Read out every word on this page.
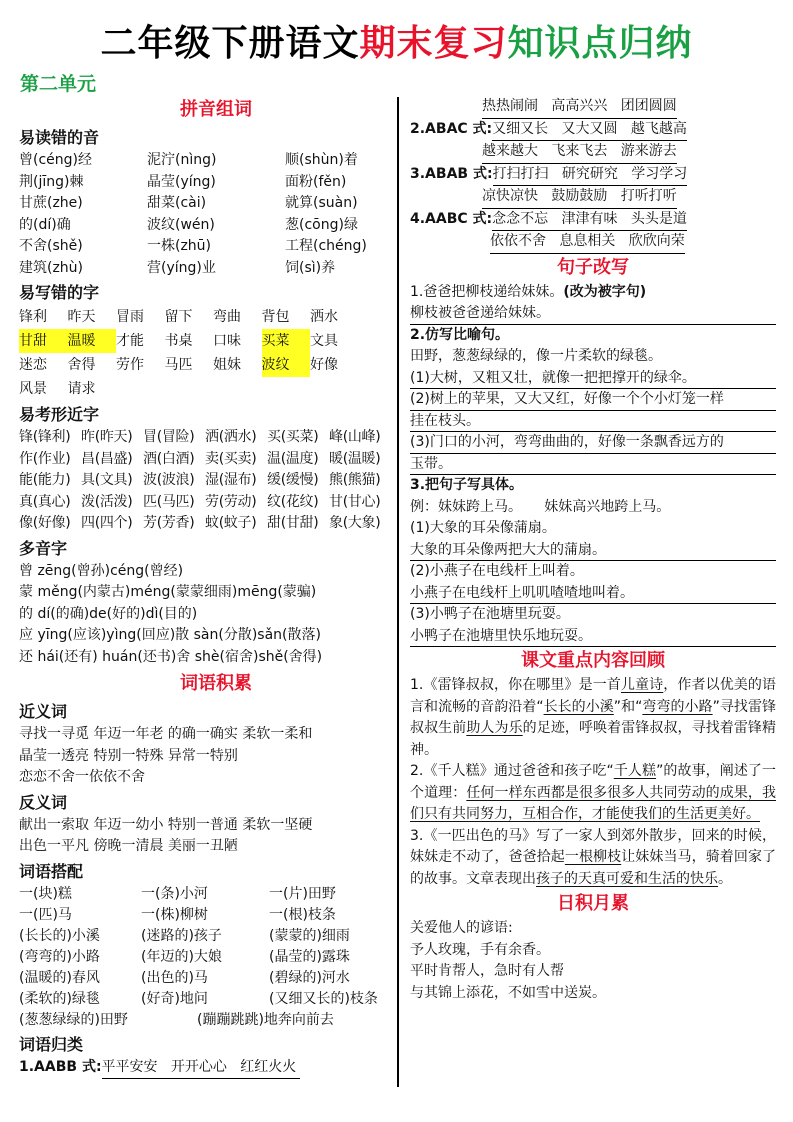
二年级下册语文期末复习知识点归纳
第二单元
拼音组词
易读错的音
曾(céng)经	泥泞(nìng)	顺(shùn)着
荆(jīng)棘	晶莹(yíng)	面粉(fěn)
甘蔗(zhe)	甜菜(cài)	就算(suàn)
的(dí)确	波纹(wén)	葱(cōng)绿
不舍(shě)	一株(zhū)	工程(chéng)
建筑(zhù)	营(yíng)业	饲(sì)养
易写错的字
锋利	昨天	冒雨	留下	弯曲	背包	洒水
甘甜	温暖	才能	书桌	口味	买菜	文具
迷恋	舍得	劳作	马匹	姐妹	波纹	好像
风景	请求
易考形近字
锋(锋利) 昨(昨天) 冒(冒险) 洒(洒水) 买(买菜) 峰(山峰)
作(作业) 昌(昌盛) 酒(白酒) 卖(买卖) 温(温度) 暖(温暖)
能(能力) 具(文具) 波(波浪) 湿(湿布) 缓(缓慢) 熊(熊猫)
真(真心) 泼(活泼) 匹(马匹) 劳(劳动) 纹(花纹) 甘(甘心)
像(好像) 四(四个) 芳(芳香) 蚊(蚊子) 甜(甘甜) 象(大象)
多音字
曾 zēng(曾孙)céng(曾经)
蒙 měng(内蒙古)méng(蒙蒙细雨)mēng(蒙骗)
的 dí(的确)de(好的)dì(目的)
应 yīng(应该)yìng(回应)散 sàn(分散)sǎn(散落)
还 hái(还有) huán(还书)舍 shè(宿舍)shě(舍得)
词语积累
近义词
寻找一寻觅 年迈一年老 的确一确实 柔软一柔和
晶莹一透亮 特别一特殊 异常一特别
恋恋不舍一依依不舍
反义词
献出一索取 年迈一幼小 特别一普通 柔软一坚硬
出色一平凡 傍晚一清晨 美丽一丑陋
词语搭配
一(块)糕	一(条)小河	一(片)田野
一(匹)马	一(株)柳树	一(根)枝条
(长长的)小溪	(迷路的)孩子	(蒙蒙的)细雨
(弯弯的)小路	(年迈的)大娘	(晶莹的)露珠
(温暖的)春风	(出色的)马	(碧绿的)河水
(柔软的)绿毯	(好奇)地问	(又细又长的)枝条
(葱葱绿绿的)田野	(蹦蹦跳跳)地奔向前去
词语归类
1.AABB 式:平平安安   开开心心   红红火火
热热闹闹   高高兴兴   团团圆圆
2.ABAC 式:又细又长   又大又圆   越飞越高
越来越大   飞来飞去   游来游去
3.ABAB 式:打扫打扫   研究研究   学习学习
凉快凉快   鼓励鼓励   打听打听
4.AABC 式:念念不忘   津津有味   头头是道
依依不舍   息息相关   欣欣向荣
句子改写
1.爸爸把柳枝递给妹妹。(改为被字句)
柳枝被爸爸递给妹妹。
2.仿写比喻句。
田野，葱葱绿绿的，像一片柔软的绿毯。
(1)大树，又粗又壮，就像一把把撑开的绿伞。
(2)树上的苹果，又大又红，好像一个个小灯笼一样
挂在枝头。
(3)门口的小河，弯弯曲曲的，好像一条飘香远方的
玉带。
3.把句子写具体。
例：妹妹跨上马。     妹妹高兴地跨上马。
(1)大象的耳朵像蒲扇。
大象的耳朵像两把大大的蒲扇。
(2)小燕子在电线杆上叫着。
小燕子在电线杆上叽叽喳喳地叫着。
(3)小鸭子在池塘里玩耍。
小鸭子在池塘里快乐地玩耍。
课文重点内容回顾
1.《雷锋叔叔，你在哪里》是一首儿童诗，作者以优美的语言和流畅的音韵沿着“长长的小溪”和“弯弯的小路”寻找雷锋叔叔生前助人为乐的足迹，呼唤着雷锋叔叔，寻找着雷锋精神。
2.《千人糕》通过爸爸和孩子吃“千人糕”的故事，阐述了一个道理：任何一样东西都是很多很多人共同劳动的成果，我们只有共同努力，互相合作，才能使我们的生活更美好。
3.《一匹出色的马》写了一家人到郊外散步，回来的时候，妹妹走不动了，爸爸拾起一根柳枝让妹妹当马，骑着回家了的故事。文章表现出孩子的天真可爱和生活的快乐。
日积月累
关爱他人的谚语:
予人玫瑰，手有余香。
平时肯帮人，急时有人帮
与其锦上添花，不如雪中送炭。
